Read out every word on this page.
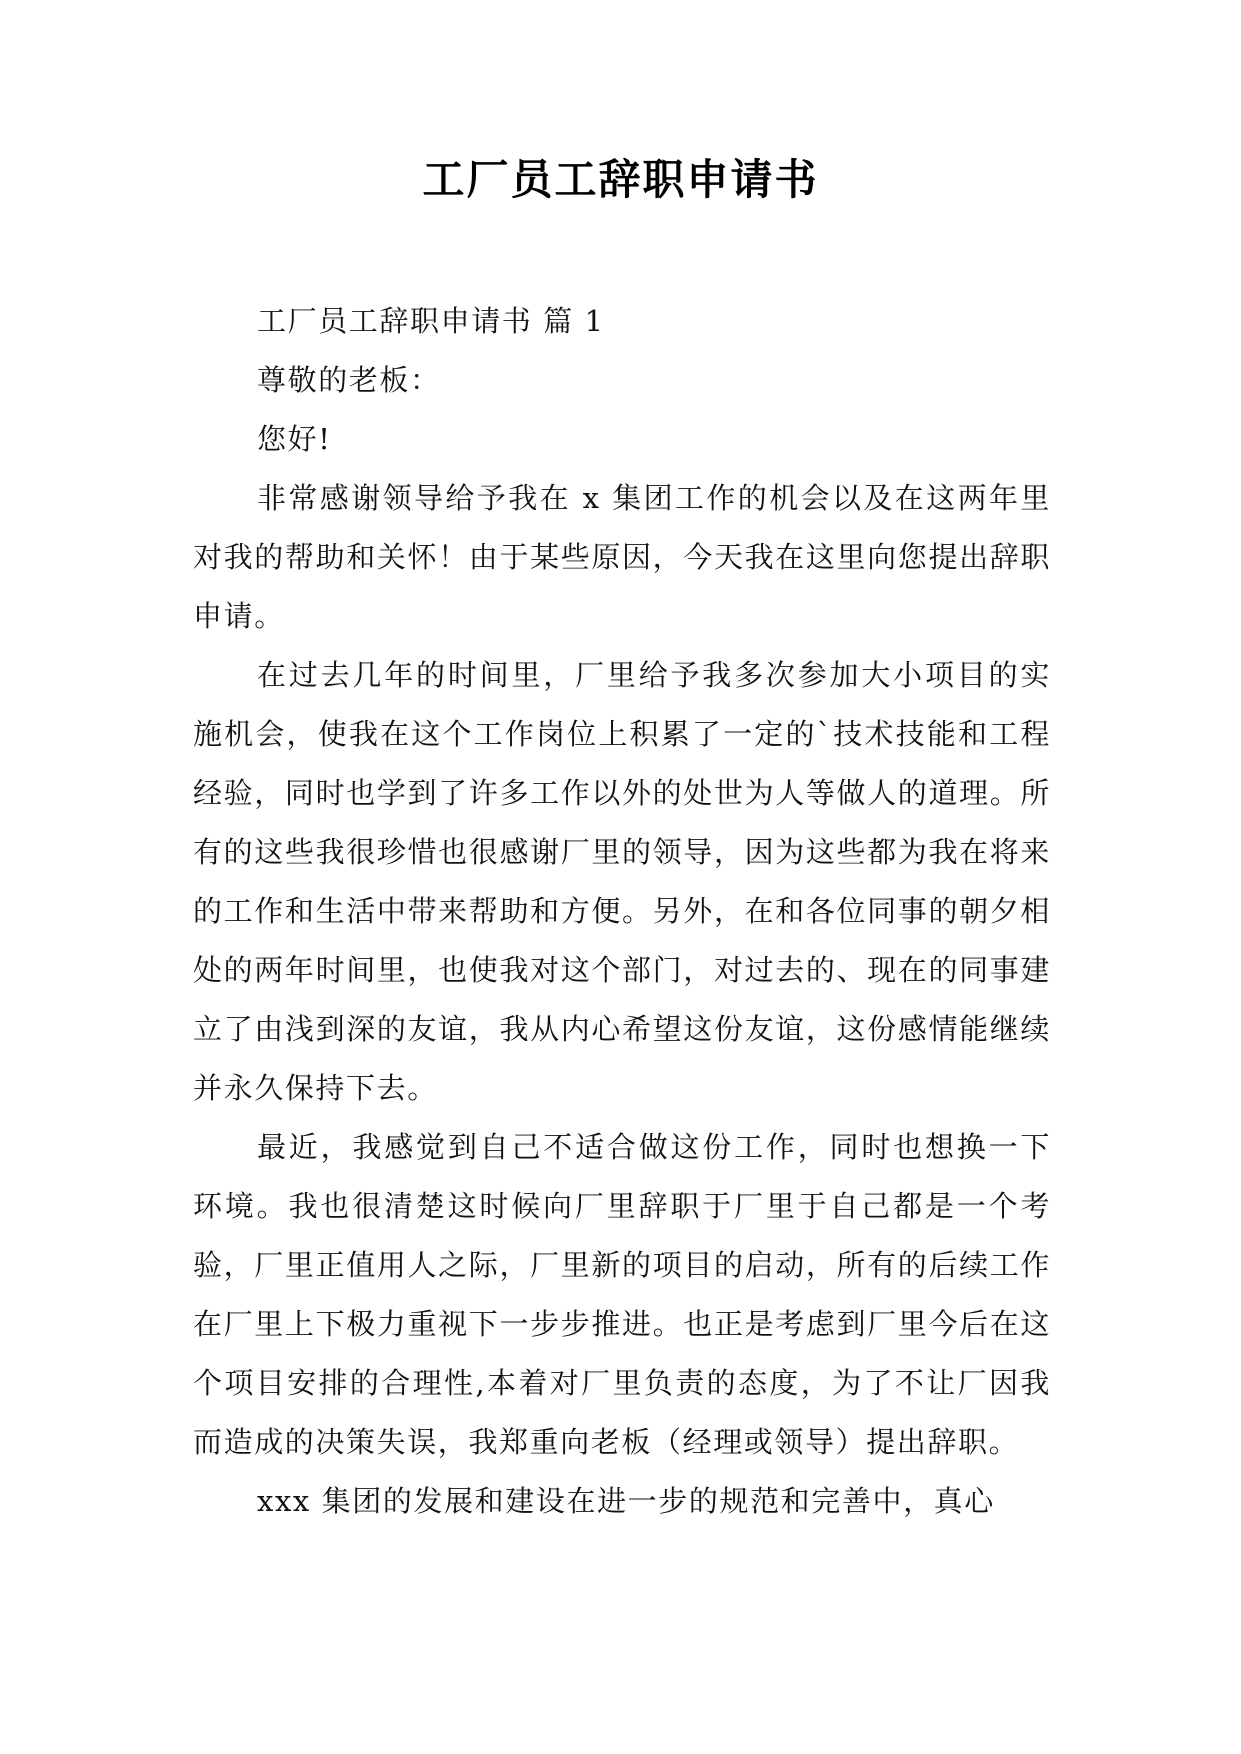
工厂员工辞职申请书

工厂员工辞职申请书 篇 1

尊敬的老板：

您好!

非常感谢领导给予我在 x 集团工作的机会以及在这两年里对我的帮助和关怀！由于某些原因，今天我在这里向您提出辞职申请。

在过去几年的时间里，厂里给予我多次参加大小项目的实施机会，使我在这个工作岗位上积累了一定的`技术技能和工程经验，同时也学到了许多工作以外的处世为人等做人的道理。所有的这些我很珍惜也很感谢厂里的领导，因为这些都为我在将来的工作和生活中带来帮助和方便。另外，在和各位同事的朝夕相处的两年时间里，也使我对这个部门，对过去的、现在的同事建立了由浅到深的友谊，我从内心希望这份友谊，这份感情能继续并永久保持下去。

最近，我感觉到自己不适合做这份工作，同时也想换一下环境。我也很清楚这时候向厂里辞职于厂里于自己都是一个考验，厂里正值用人之际，厂里新的项目的启动，所有的后续工作在厂里上下极力重视下一步步推进。也正是考虑到厂里今后在这个项目安排的合理性,本着对厂里负责的态度，为了不让厂因我而造成的决策失误，我郑重向老板（经理或领导）提出辞职。

xxx 集团的发展和建设在进一步的规范和完善中，真心
